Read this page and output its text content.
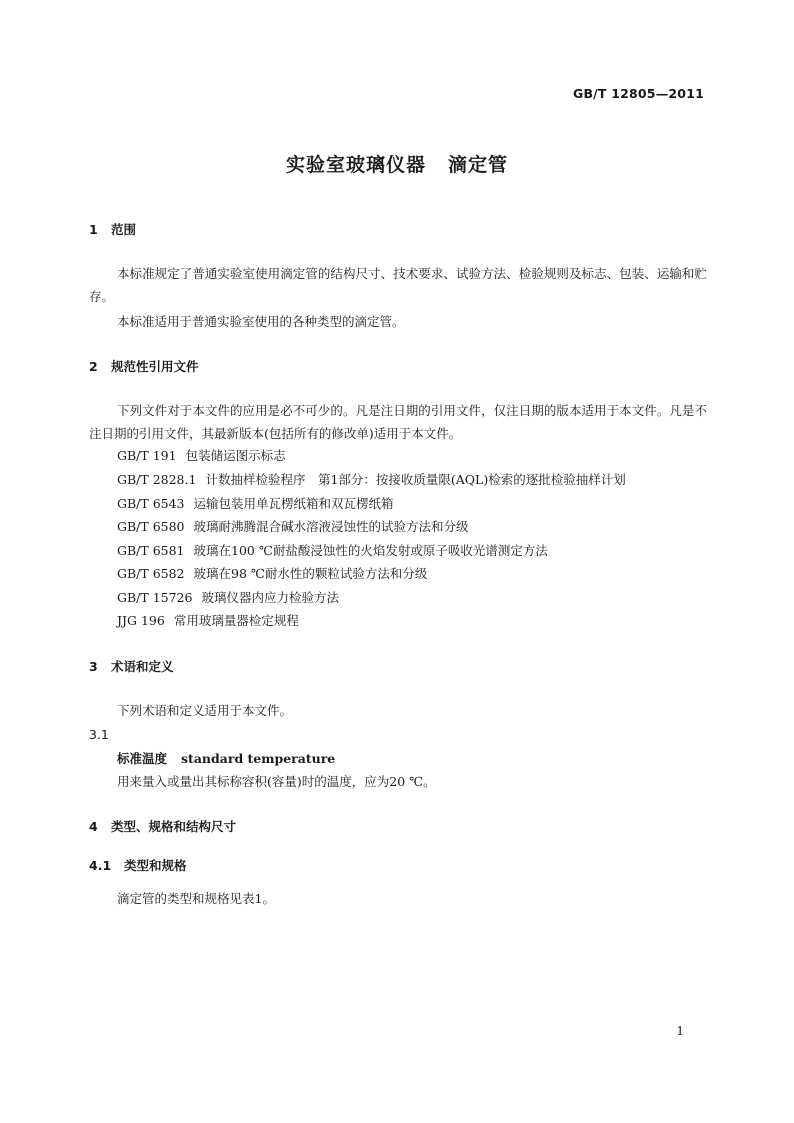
GB/T 12805—2011
实验室玻璃仪器 滴定管
1 范围
本标准规定了普通实验室使用滴定管的结构尺寸、技术要求、试验方法、检验规则及标志、包装、运输和贮存。
本标准适用于普通实验室使用的各种类型的滴定管。
2 规范性引用文件
下列文件对于本文件的应用是必不可少的。凡是注日期的引用文件，仅注日期的版本适用于本文件。凡是不注日期的引用文件，其最新版本(包括所有的修改单)适用于本文件。
GB/T 191 包装储运图示标志
GB/T 2828.1 计数抽样检验程序　第1部分：按接收质量限(AQL)检索的逐批检验抽样计划
GB/T 6543 运输包装用单瓦楞纸箱和双瓦楞纸箱
GB/T 6580 玻璃耐沸腾混合碱水溶液浸蚀性的试验方法和分级
GB/T 6581 玻璃在100 ℃耐盐酸浸蚀性的火焰发射或原子吸收光谱测定方法
GB/T 6582 玻璃在98 ℃耐水性的颗粒试验方法和分级
GB/T 15726 玻璃仪器内应力检验方法
JJG 196 常用玻璃量器检定规程
3 术语和定义
下列术语和定义适用于本文件。
3.1
标准温度 standard temperature
用来量入或量出其标称容积(容量)时的温度，应为20 ℃。
4 类型、规格和结构尺寸
4.1 类型和规格
滴定管的类型和规格见表1。
1
